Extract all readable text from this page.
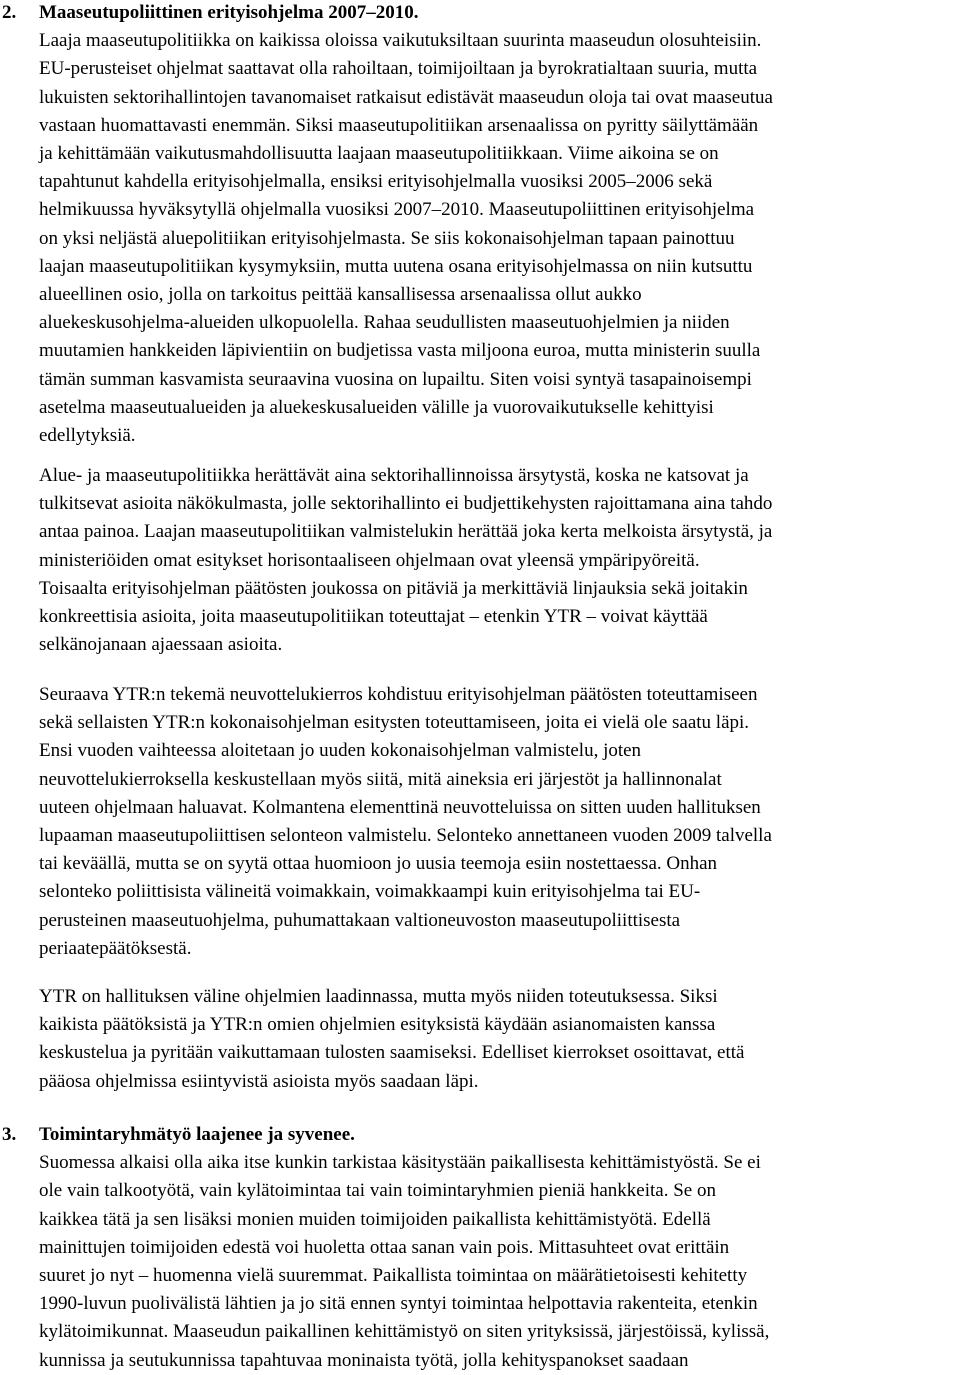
2. Maaseutupoliittinen erityisohjelma 2007–2010.
Laaja maaseutupolitiikka on kaikissa oloissa vaikutuksiltaan suurinta maaseudun olosuhteisiin.
EU-perusteiset ohjelmat saattavat olla rahoiltaan, toimijoiltaan ja byrokratialtaan suuria, mutta
lukuisten sektorihallintojen tavanomaiset ratkaisut edistävät maaseudun oloja tai ovat maaseutua
vastaan huomattavasti enemmän. Siksi maaseutupolitiikan arsenaalissa on pyritty säilyttämään
ja kehittämään vaikutusmahdollisuutta laajaan maaseutupolitiikkaan. Viime aikoina se on
tapahtunut kahdella erityisohjelmalla, ensiksi erityisohjelmalla vuosiksi 2005–2006 sekä
helmikuussa hyväksytyllä ohjelmalla vuosiksi 2007–2010. Maaseutupoliittinen erityisohjelma
on yksi neljästä aluepolitiikan erityisohjelmasta. Se siis kokonaisohjelman tapaan painottuu
laajan maaseutupolitiikan kysymyksiin, mutta uutena osana erityisohjelmassa on niin kutsuttu
alueellinen osio, jolla on tarkoitus peittää kansallisessa arsenaalissa ollut aukko
aluekeskusohjelma-alueiden ulkopuolella. Rahaa seudullisten maaseutuohjelmien ja niiden
muutamien hankkeiden läpivientiin on budjetissa vasta miljoona euroa, mutta ministerin suulla
tämän summan kasvamista seuraavina vuosina on lupailtu. Siten voisi syntyä tasapainoisempi
asetelma maaseutualueiden ja aluekeskusalueiden välille ja vuorovaikutukselle kehittyisi
edellytyksiä.
Alue- ja maaseutupolitiikka herättävät aina sektorihallinnoissa ärsytystä, koska ne katsovat ja
tulkitsevat asioita näkökulmasta, jolle sektorihallinto ei budjettikehysten rajoittamana aina tahdo
antaa painoa. Laajan maaseutupolitiikan valmistelukin herättää joka kerta melkoista ärsytystä, ja
ministeriöiden omat esitykset horisontaaliseen ohjelmaan ovat yleensä ympäripyöreitä.
Toisaalta erityisohjelman päätösten joukossa on pitäviä ja merkittäviä linjauksia sekä joitakin
konkreettisia asioita, joita maaseutupolitiikan toteuttajat – etenkin YTR – voivat käyttää
selkänojanaan ajaessaan asioita.
Seuraava YTR:n tekemä neuvottelukierros kohdistuu erityisohjelman päätösten toteuttamiseen
sekä sellaisten YTR:n kokonaisohjelman esitysten toteuttamiseen, joita ei vielä ole saatu läpi.
Ensi vuoden vaihteessa aloitetaan jo uuden kokonaisohjelman valmistelu, joten
neuvottelukierroksella keskustellaan myös siitä, mitä aineksia eri järjestöt ja hallinnonalat
uuteen ohjelmaan haluavat. Kolmantena elementtinä neuvotteluissa on sitten uuden hallituksen
lupaaman maaseutupoliittisen selonteon valmistelu. Selonteko annettaneen vuoden 2009 talvella
tai keväällä, mutta se on syytä ottaa huomioon jo uusia teemoja esiin nostettaessa. Onhan
selonteko poliittisista välineitä voimakkain, voimakkaampi kuin erityisohjelma tai EU-
perusteinen maaseutuohjelma, puhumattakaan valtioneuvoston maaseutupoliittisesta
periaatepäätöksestä.
YTR on hallituksen väline ohjelmien laadinnassa, mutta myös niiden toteutuksessa. Siksi
kaikista päätöksistä ja YTR:n omien ohjelmien esityksistä käydään asianomaisten kanssa
keskustelua ja pyritään vaikuttamaan tulosten saamiseksi. Edelliset kierrokset osoittavat, että
pääosa ohjelmissa esiintyvistä asioista myös saadaan läpi.
3. Toimintaryhmätyö laajenee ja syvenee.
Suomessa alkaisi olla aika itse kunkin tarkistaa käsitystään paikallisesta kehittämistyöstä. Se ei
ole vain talkootyötä, vain kylätoimintaa tai vain toimintaryhmien pieniä hankkeita. Se on
kaikkea tätä ja sen lisäksi monien muiden toimijoiden paikallista kehittämistyötä. Edellä
mainittujen toimijoiden edestä voi huoletta ottaa sanan vain pois. Mittasuhteet ovat erittäin
suuret jo nyt – huomenna vielä suuremmat. Paikallista toimintaa on määrätietoisesti kehitetty
1990-luvun puolivälistä lähtien ja jo sitä ennen syntyi toimintaa helpottavia rakenteita, etenkin
kylätoimikunnat. Maaseudun paikallinen kehittämistyö on siten yrityksissä, järjestöissä, kylissä,
kunnissa ja seutukunnissa tapahtuvaa moninaista työtä, jolla kehityspanokset saadaan
